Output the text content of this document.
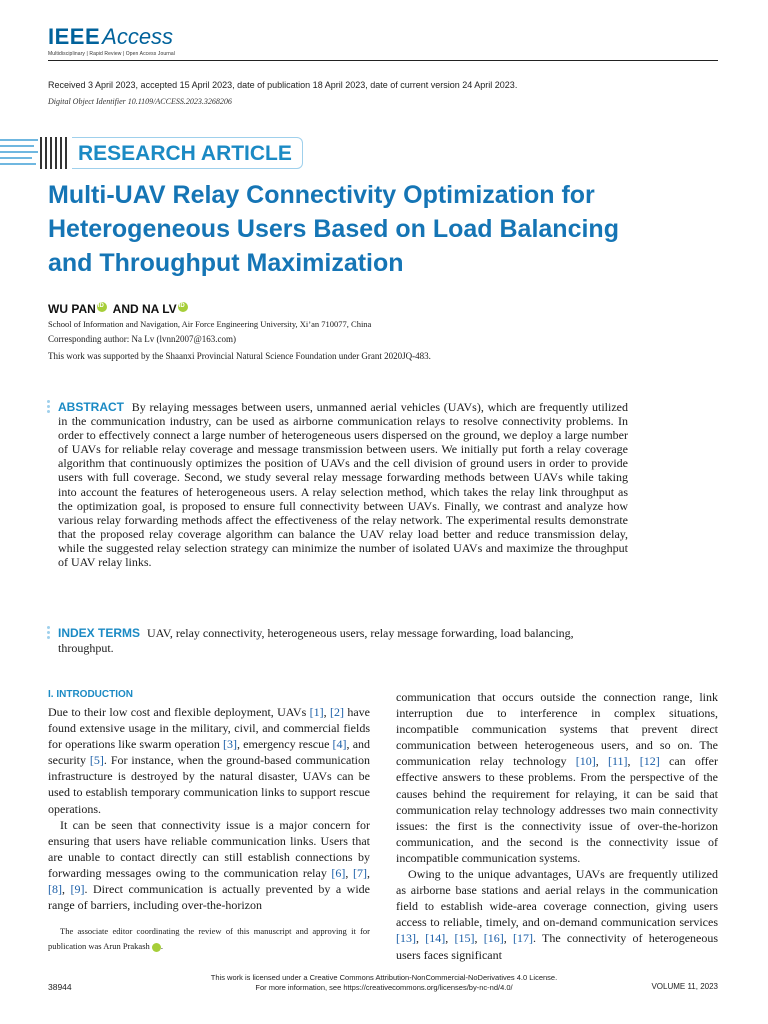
IEEEAccess
Multidisciplinary | Rapid Review | Open Access Journal
Received 3 April 2023, accepted 15 April 2023, date of publication 18 April 2023, date of current version 24 April 2023.
Digital Object Identifier 10.1109/ACCESS.2023.3268206
RESEARCH ARTICLE
Multi-UAV Relay Connectivity Optimization for Heterogeneous Users Based on Load Balancing and Throughput Maximization
WU PANiD AND NA LViD
School of Information and Navigation, Air Force Engineering University, Xi’an 710077, China
Corresponding author: Na Lv (lvnn2007@163.com)
This work was supported by the Shaanxi Provincial Natural Science Foundation under Grant 2020JQ-483.
ABSTRACT By relaying messages between users, unmanned aerial vehicles (UAVs), which are frequently utilized in the communication industry, can be used as airborne communication relays to resolve connectivity problems. In order to effectively connect a large number of heterogeneous users dispersed on the ground, we deploy a large number of UAVs for reliable relay coverage and message transmission between users. We initially put forth a relay coverage algorithm that continuously optimizes the position of UAVs and the cell division of ground users in order to provide users with full coverage. Second, we study several relay message forwarding methods between UAVs while taking into account the features of heterogeneous users. A relay selection method, which takes the relay link throughput as the optimization goal, is proposed to ensure full connectivity between UAVs. Finally, we contrast and analyze how various relay forwarding methods affect the effectiveness of the relay network. The experimental results demonstrate that the proposed relay coverage algorithm can balance the UAV relay load better and reduce transmission delay, while the suggested relay selection strategy can minimize the number of isolated UAVs and maximize the throughput of UAV relay links.
INDEX TERMS UAV, relay connectivity, heterogeneous users, relay message forwarding, load balancing, throughput.
I. INTRODUCTION

Due to their low cost and flexible deployment, UAVs [1], [2] have found extensive usage in the military, civil, and commercial fields for operations like swarm operation [3], emergency rescue [4], and security [5]. For instance, when the ground-based communication infrastructure is destroyed by the natural disaster, UAVs can be used to establish temporary communication links to support rescue operations.

It can be seen that connectivity issue is a major concern for ensuring that users have reliable communication links. Users that are unable to contact directly can still establish connections by forwarding messages owing to the communication relay [6], [7], [8], [9]. Direct communication is actually prevented by a wide range of barriers, including over-the-horizon

communication that occurs outside the connection range, link interruption due to interference in complex situations, incompatible communication systems that prevent direct communication between heterogeneous users, and so on. The communication relay technology [10], [11], [12] can offer effective answers to these problems. From the perspective of the causes behind the requirement for relaying, it can be said that communication relay technology addresses two main connectivity issues: the first is the connectivity issue of over-the-horizon communication, and the second is the connectivity issue of incompatible communication systems.

Owing to the unique advantages, UAVs are frequently utilized as airborne base stations and aerial relays in the communication field to establish wide-area coverage connection, giving users access to reliable, timely, and on-demand communication services [13], [14], [15], [16], [17]. The connectivity of heterogeneous users faces significant

The associate editor coordinating the review of this manuscript and approving it for publication was Arun Prakash .
This work is licensed under a Creative Commons Attribution-NonCommercial-NoDerivatives 4.0 License.
For more information, see https://creativecommons.org/licenses/by-nc-nd/4.0/
38944	VOLUME 11, 2023
